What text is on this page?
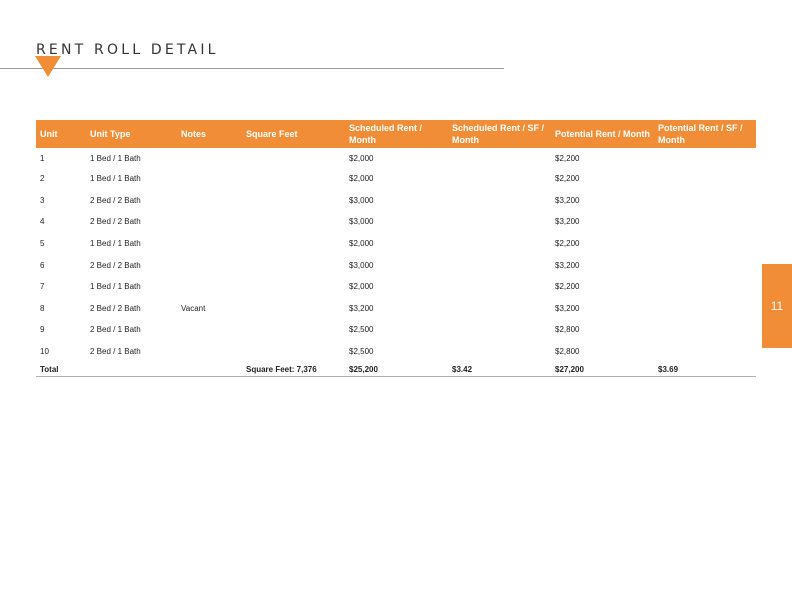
RENT ROLL DETAIL
11
Unit	Unit Type	Notes	Square Feet	Scheduled Rent / Month	Scheduled Rent / SF / Month	Potential Rent / Month	Potential Rent / SF / Month
1	1 Bed / 1 Bath			$2,000		$2,200	
2	1 Bed / 1 Bath			$2,000		$2,200	
3	2 Bed / 2 Bath			$3,000		$3,200	
4	2 Bed / 2 Bath			$3,000		$3,200	
5	1 Bed / 1 Bath			$2,000		$2,200	
6	2 Bed / 2 Bath			$3,000		$3,200	
7	1 Bed / 1 Bath			$2,000		$2,200	
8	2 Bed / 2 Bath	Vacant		$3,200		$3,200	
9	2 Bed / 1 Bath			$2,500		$2,800	
10	2 Bed / 1 Bath			$2,500		$2,800	
Total			Square Feet: 7,376	$25,200	$3.42	$27,200	$3.69
